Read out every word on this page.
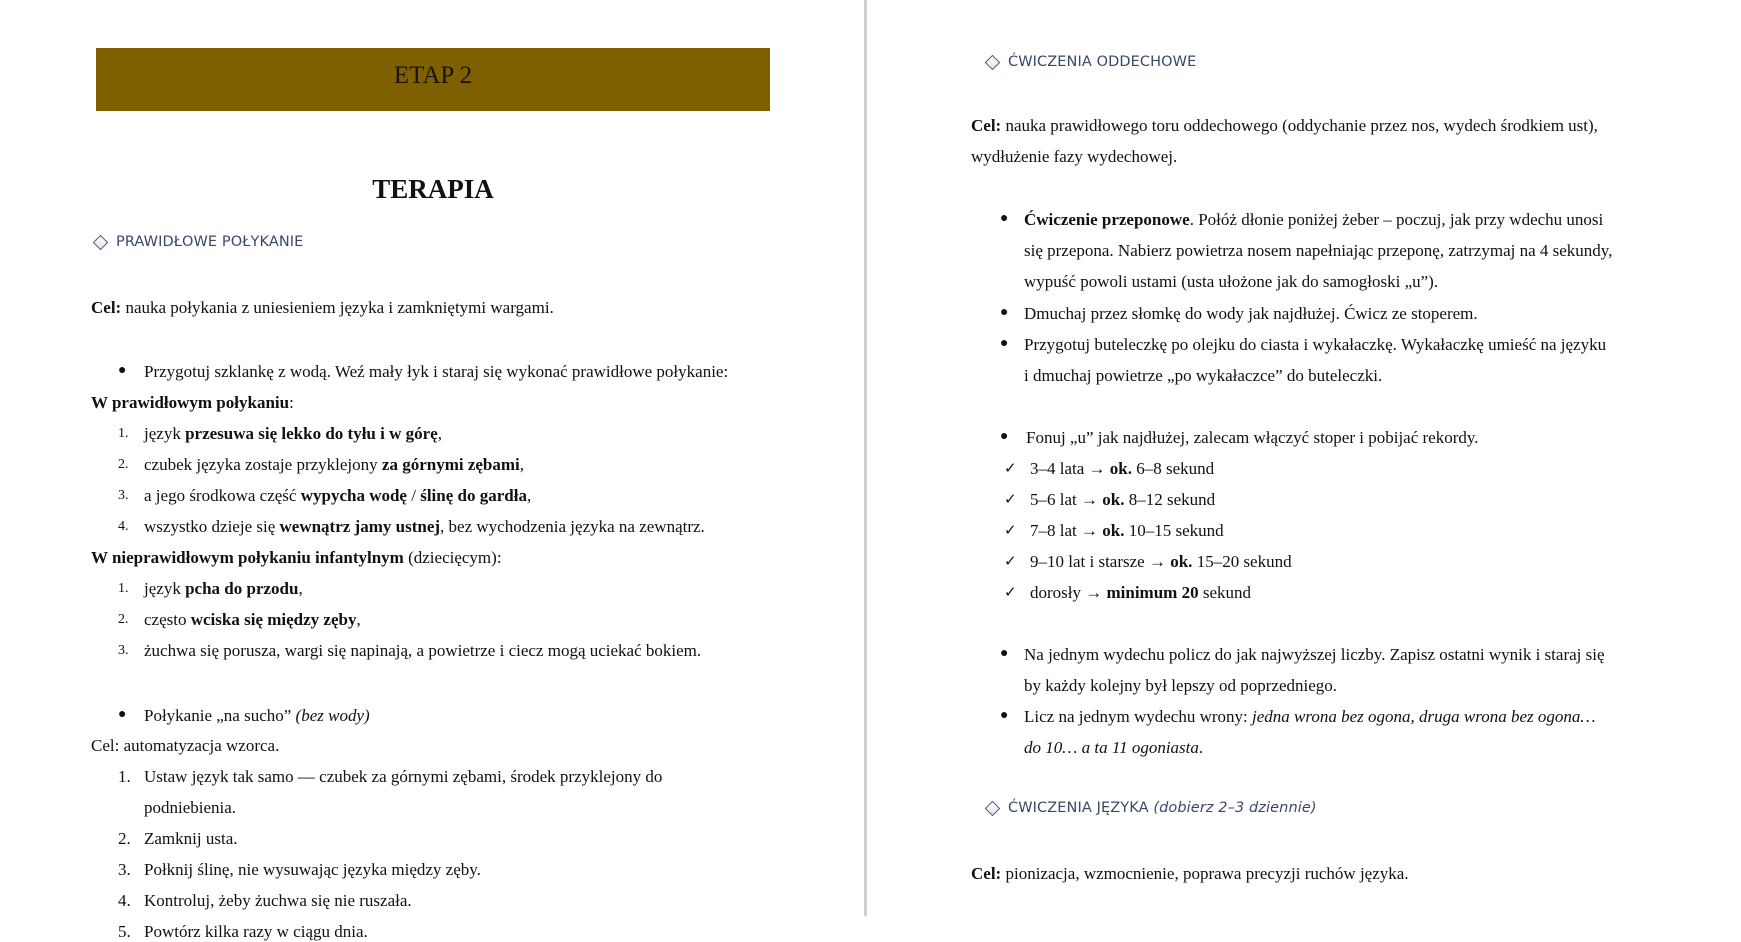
ETAP 2
TERAPIA
PRAWIDŁOWE POŁYKANIE
Cel: nauka połykania z uniesieniem języka i zamkniętymi wargami.
● Przygotuj szklankę z wodą. Weź mały łyk i staraj się wykonać prawidłowe połykanie:
W prawidłowym połykaniu:
1. język przesuwa się lekko do tyłu i w górę,
2. czubek języka zostaje przyklejony za górnymi zębami,
3. a jego środkowa część wypycha wodę / ślinę do gardła,
4. wszystko dzieje się wewnątrz jamy ustnej, bez wychodzenia języka na zewnątrz.
W nieprawidłowym połykaniu infantylnym (dziecięcym):
1. język pcha do przodu,
2. często wciska się między zęby,
3. żuchwa się porusza, wargi się napinają, a powietrze i ciecz mogą uciekać bokiem.
● Połykanie „na sucho” (bez wody)
Cel: automatyzacja wzorca.
1. Ustaw język tak samo — czubek za górnymi zębami, środek przyklejony do
podniebienia.
2. Zamknij usta.
3. Połknij ślinę, nie wysuwając języka między zęby.
4. Kontroluj, żeby żuchwa się nie ruszała.
5. Powtórz kilka razy w ciągu dnia.
ĆWICZENIA ODDECHOWE
Cel: nauka prawidłowego toru oddechowego (oddychanie przez nos, wydech środkiem ust),
wydłużenie fazy wydechowej.
● Ćwiczenie przeponowe. Połóż dłonie poniżej żeber – poczuj, jak przy wdechu unosi
się przepona. Nabierz powietrza nosem napełniając przeponę, zatrzymaj na 4 sekundy,
wypuść powoli ustami (usta ułożone jak do samogłoski „u”).
● Dmuchaj przez słomkę do wody jak najdłużej. Ćwicz ze stoperem.
● Przygotuj buteleczkę po olejku do ciasta i wykałaczkę. Wykałaczkę umieść na języku
i dmuchaj powietrze „po wykałaczce” do buteleczki.
● Fonuj „u” jak najdłużej, zalecam włączyć stoper i pobijać rekordy.
✓ 3–4 lata → ok. 6–8 sekund
✓ 5–6 lat → ok. 8–12 sekund
✓ 7–8 lat → ok. 10–15 sekund
✓ 9–10 lat i starsze → ok. 15–20 sekund
✓ dorosły → minimum 20 sekund
● Na jednym wydechu policz do jak najwyższej liczby. Zapisz ostatni wynik i staraj się
by każdy kolejny był lepszy od poprzedniego.
● Licz na jednym wydechu wrony: jedna wrona bez ogona, druga wrona bez ogona…
do 10… a ta 11 ogoniasta.
ĆWICZENIA JĘZYKA (dobierz 2–3 dziennie)
Cel: pionizacja, wzmocnienie, poprawa precyzji ruchów języka.
